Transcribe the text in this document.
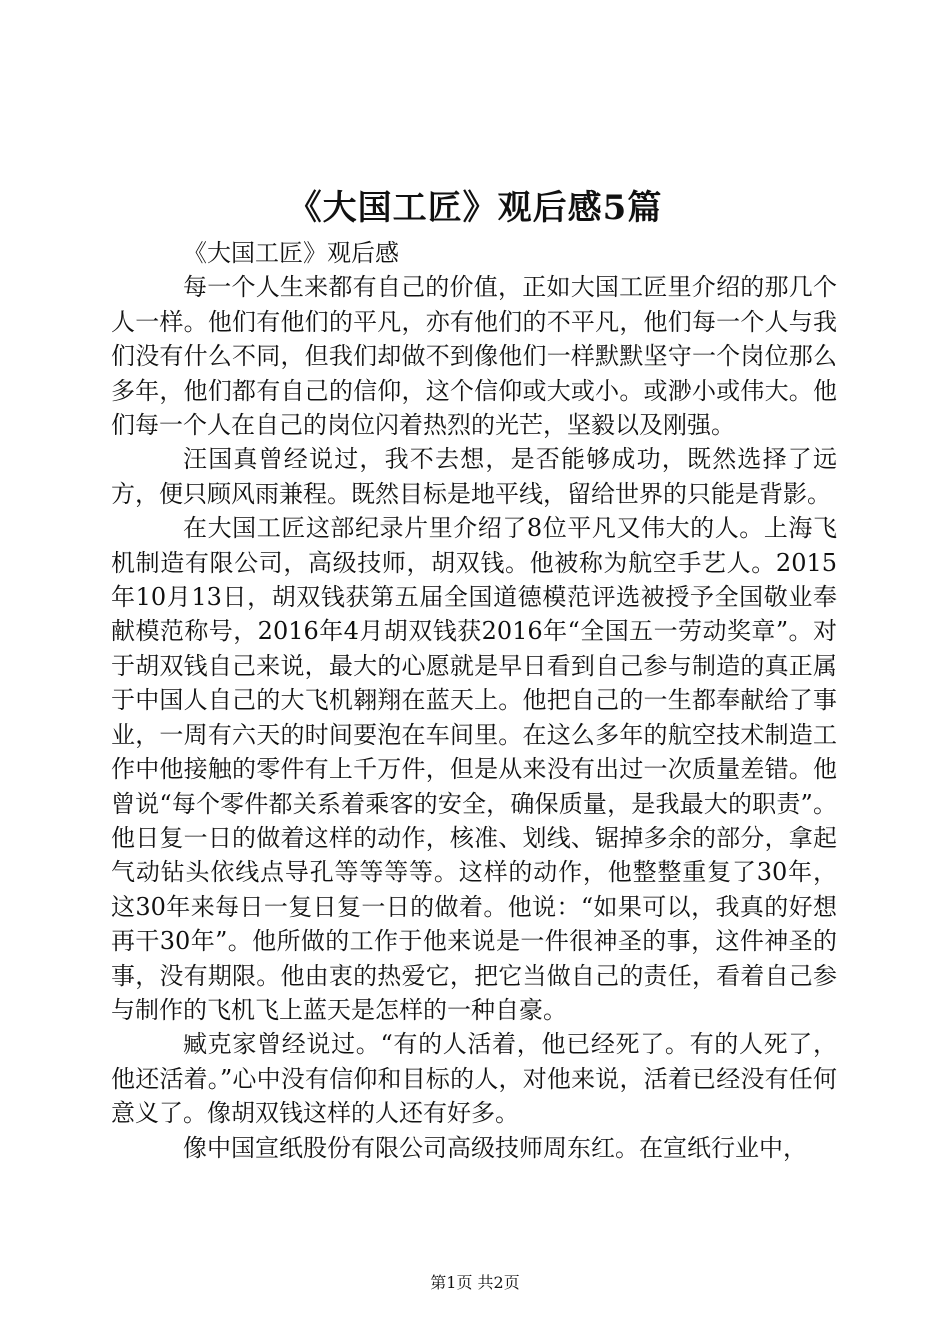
《大国工匠》观后感5篇

《大国工匠》观后感

每一个人生来都有自己的价值，正如大国工匠里介绍的那几个人一样。他们有他们的平凡，亦有他们的不平凡，他们每一个人与我们没有什么不同，但我们却做不到像他们一样默默坚守一个岗位那么多年，他们都有自己的信仰，这个信仰或大或小。或渺小或伟大。他们每一个人在自己的岗位闪着热烈的光芒，坚毅以及刚强。

汪国真曾经说过，我不去想，是否能够成功，既然选择了远方，便只顾风雨兼程。既然目标是地平线，留给世界的只能是背影。

在大国工匠这部纪录片里介绍了8位平凡又伟大的人。上海飞机制造有限公司，高级技师，胡双钱。他被称为航空手艺人。2015年10月13日，胡双钱获第五届全国道德模范评选被授予全国敬业奉献模范称号，2016年4月胡双钱获2016年“全国五一劳动奖章”。对于胡双钱自己来说，最大的心愿就是早日看到自己参与制造的真正属于中国人自己的大飞机翱翔在蓝天上。他把自己的一生都奉献给了事业，一周有六天的时间要泡在车间里。在这么多年的航空技术制造工作中他接触的零件有上千万件，但是从来没有出过一次质量差错。他曾说“每个零件都关系着乘客的安全，确保质量，是我最大的职责”。他日复一日的做着这样的动作，核准、划线、锯掉多余的部分，拿起气动钻头依线点导孔等等等等。这样的动作，他整整重复了30年，这30年来每日一复日复一日的做着。他说：“如果可以，我真的好想再干30年”。他所做的工作于他来说是一件很神圣的事，这件神圣的事，没有期限。他由衷的热爱它，把它当做自己的责任，看着自己参与制作的飞机飞上蓝天是怎样的一种自豪。

臧克家曾经说过。“有的人活着，他已经死了。有的人死了，他还活着。”心中没有信仰和目标的人，对他来说，活着已经没有任何意义了。像胡双钱这样的人还有好多。

像中国宣纸股份有限公司高级技师周东红。在宣纸行业中，

第1页 共2页
